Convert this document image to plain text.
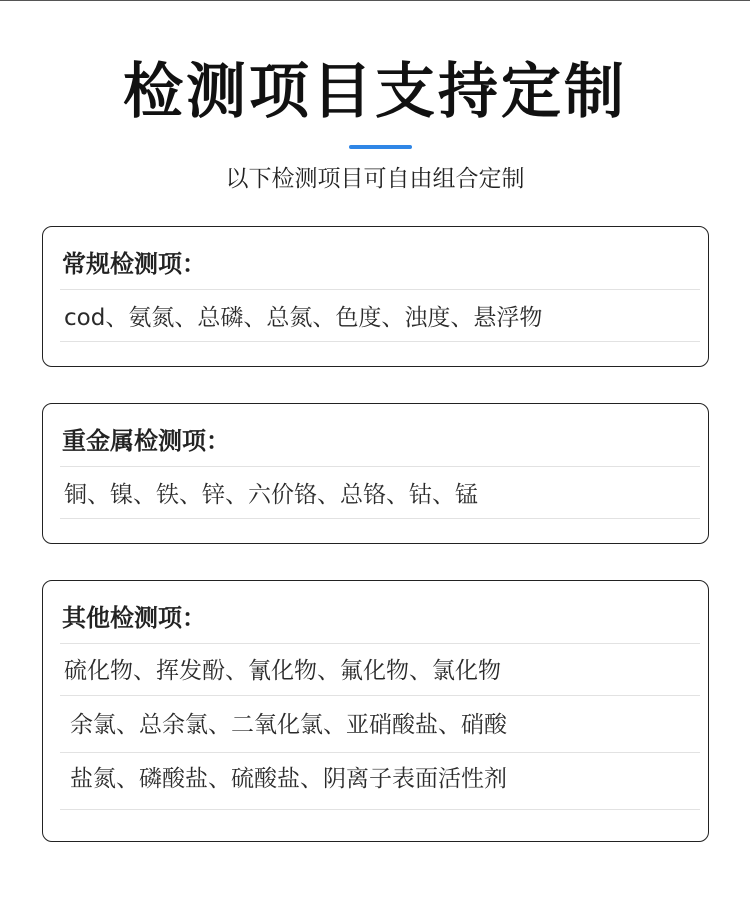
检测项目支持定制
以下检测项目可自由组合定制
常规检测项：
cod、氨氮、总磷、总氮、色度、浊度、悬浮物
重金属检测项：
铜、镍、铁、锌、六价铬、总铬、钴、锰
其他检测项：
硫化物、挥发酚、氰化物、氟化物、氯化物
余氯、总余氯、二氧化氯、亚硝酸盐、硝酸
盐氮、磷酸盐、硫酸盐、阴离子表面活性剂
